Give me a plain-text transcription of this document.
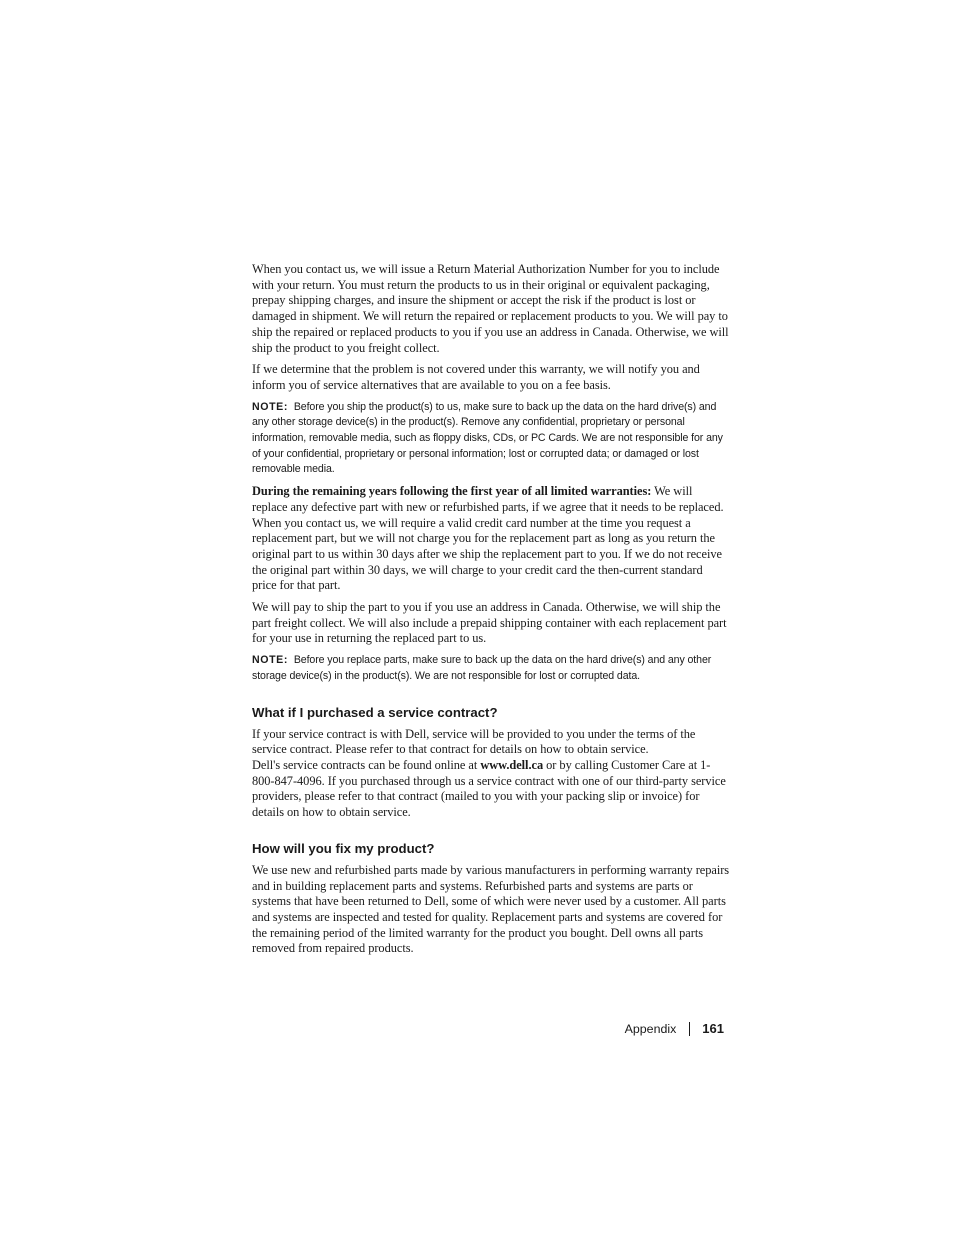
When you contact us, we will issue a Return Material Authorization Number for you to include with your return. You must return the products to us in their original or equivalent packaging, prepay shipping charges, and insure the shipment or accept the risk if the product is lost or damaged in shipment. We will return the repaired or replacement products to you. We will pay to ship the repaired or replaced products to you if you use an address in Canada. Otherwise, we will ship the product to you freight collect.

If we determine that the problem is not covered under this warranty, we will notify you and inform you of service alternatives that are available to you on a fee basis.

NOTE: Before you ship the product(s) to us, make sure to back up the data on the hard drive(s) and any other storage device(s) in the product(s). Remove any confidential, proprietary or personal information, removable media, such as floppy disks, CDs, or PC Cards. We are not responsible for any of your confidential, proprietary or personal information; lost or corrupted data; or damaged or lost removable media.

During the remaining years following the first year of all limited warranties: We will replace any defective part with new or refurbished parts, if we agree that it needs to be replaced. When you contact us, we will require a valid credit card number at the time you request a replacement part, but we will not charge you for the replacement part as long as you return the original part to us within 30 days after we ship the replacement part to you. If we do not receive the original part within 30 days, we will charge to your credit card the then-current standard price for that part.

We will pay to ship the part to you if you use an address in Canada. Otherwise, we will ship the part freight collect. We will also include a prepaid shipping container with each replacement part for your use in returning the replaced part to us.

NOTE: Before you replace parts, make sure to back up the data on the hard drive(s) and any other storage device(s) in the product(s). We are not responsible for lost or corrupted data.

What if I purchased a service contract?

If your service contract is with Dell, service will be provided to you under the terms of the service contract. Please refer to that contract for details on how to obtain service.
Dell's service contracts can be found online at www.dell.ca or by calling Customer Care at 1-800-847-4096. If you purchased through us a service contract with one of our third-party service providers, please refer to that contract (mailed to you with your packing slip or invoice) for details on how to obtain service.

How will you fix my product?

We use new and refurbished parts made by various manufacturers in performing warranty repairs and in building replacement parts and systems. Refurbished parts and systems are parts or systems that have been returned to Dell, some of which were never used by a customer. All parts and systems are inspected and tested for quality. Replacement parts and systems are covered for the remaining period of the limited warranty for the product you bought. Dell owns all parts removed from repaired products.

Appendix 161
